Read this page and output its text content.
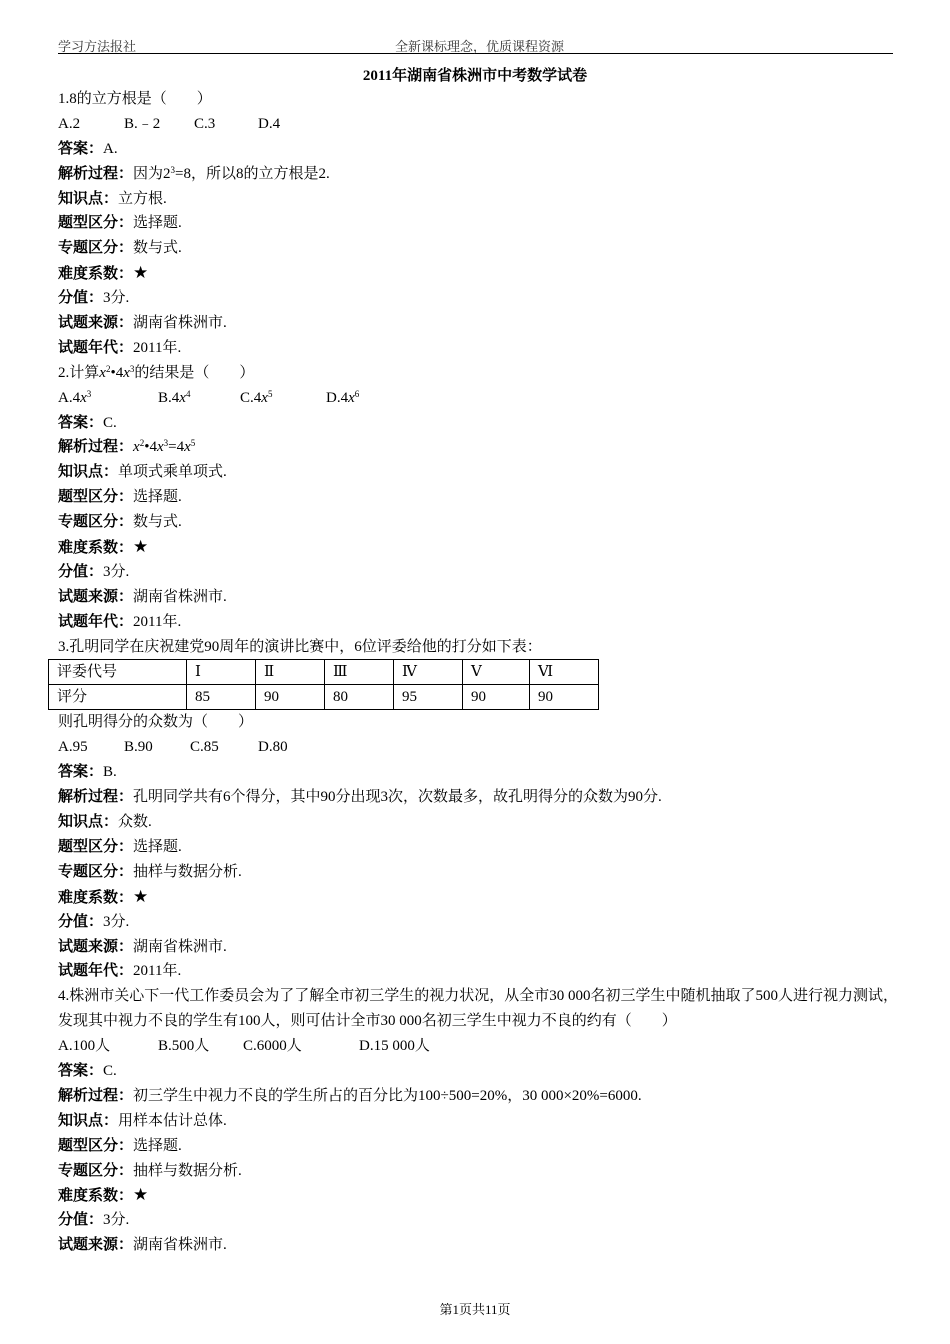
学习方法报社	全新课标理念，优质课程资源
2011年湖南省株洲市中考数学试卷
1.8的立方根是（　　）
A.2	B.﹣2 C.3	D.4
答案：A.
解析过程：因为$2^3=8$，所以8的立方根是2.
知识点：立方根.
题型区分：选择题.
专题区分：数与式.
难度系数：★
分值：3分.
试题来源：湖南省株洲市.
试题年代：2011年.
2.计算$x^2•4x^3$的结果是（　　）
$A.4x^3$	$B.4x^4$	$C.4x^5$	$D.4x^6$
答案：C.
解析过程：$x^2•4x^3=4x^5$
知识点：单项式乘单项式.
题型区分：选择题.
专题区分：数与式.
难度系数：★
分值：3分.
试题来源：湖南省株洲市.
试题年代：2011年.
3.孔明同学在庆祝建党90周年的演讲比赛中，6位评委给他的打分如下表：
评委代号	Ⅰ	Ⅱ	Ⅲ	Ⅳ	Ⅴ	Ⅵ
评分	85	90	80	95	90	90
则孔明得分的众数为（　　）
A.95 B.90 C.85	D.80
答案：B.
解析过程：孔明同学共有6个得分，其中90分出现3次，次数最多，故孔明得分的众数为90分.
知识点：众数.
题型区分：选择题.
专题区分：抽样与数据分析.
难度系数：★
分值：3分.
试题来源：湖南省株洲市.
试题年代：2011年.
4.株洲市关心下一代工作委员会为了了解全市初三学生的视力状况，从全市30 000名初三学生中随机抽取了500人进行视力测试，发现其中视力不良的学生有100人，则可估计全市30 000名初三学生中视力不良的约有（　　）
A.100人	B.500人 C.6000人	D.15 000人
答案：C.
解析过程：初三学生中视力不良的学生所占的百分比为100÷500=20%，30 000×20%=6000.
知识点：用样本估计总体.
题型区分：选择题.
专题区分：抽样与数据分析.
难度系数：★
分值：3分.
试题来源：湖南省株洲市.
第1页共11页
